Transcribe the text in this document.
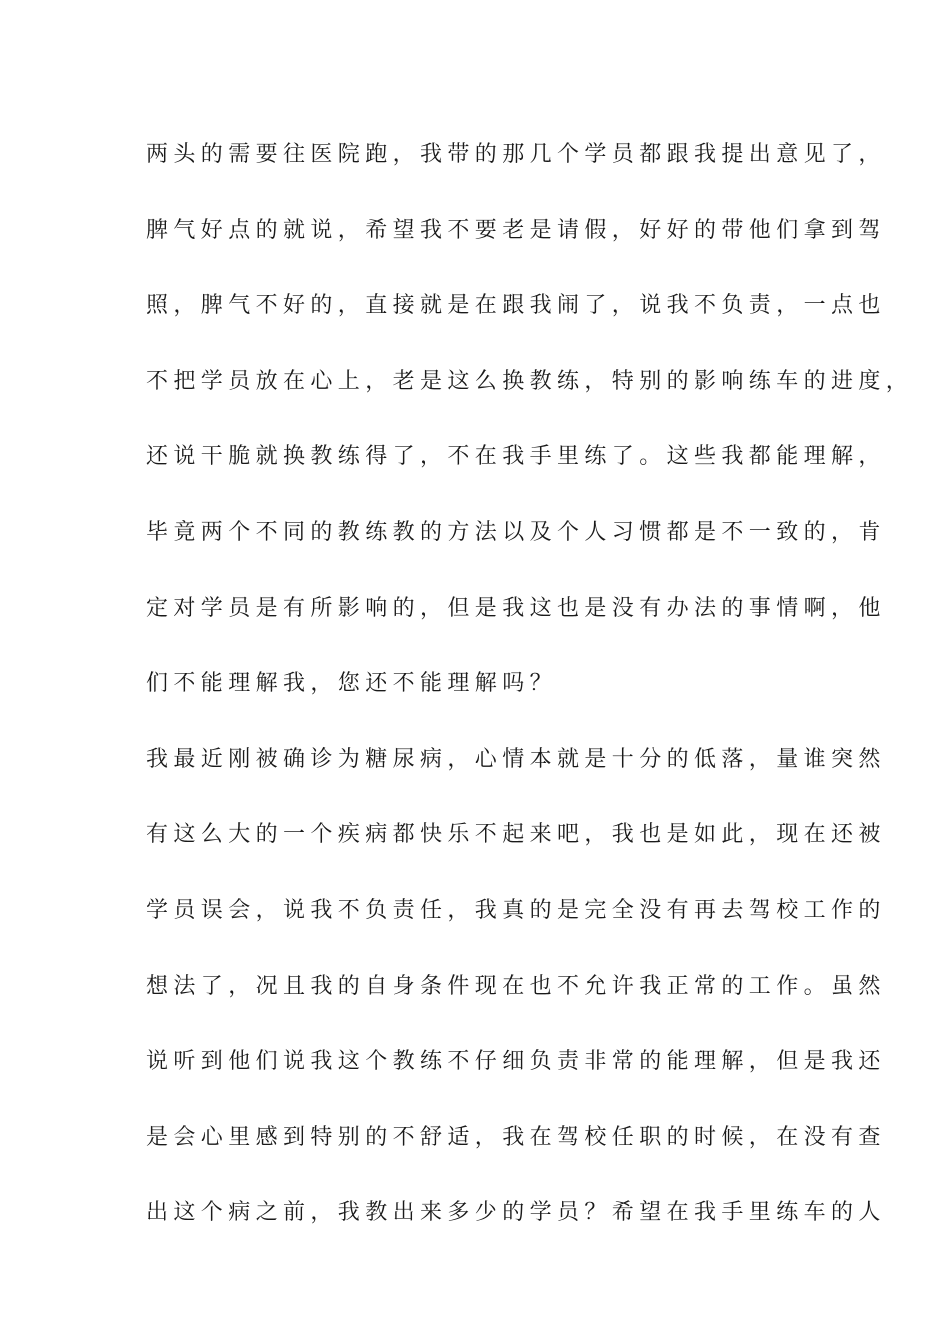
两头的需要往医院跑，我带的那几个学员都跟我提出意见了，
脾气好点的就说，希望我不要老是请假，好好的带他们拿到驾
照，脾气不好的，直接就是在跟我闹了，说我不负责，一点也
不把学员放在心上，老是这么换教练，特别的影响练车的进度，
还说干脆就换教练得了，不在我手里练了。这些我都能理解，
毕竟两个不同的教练教的方法以及个人习惯都是不一致的，肯
定对学员是有所影响的，但是我这也是没有办法的事情啊，他
们不能理解我，您还不能理解吗？
我最近刚被确诊为糖尿病，心情本就是十分的低落，量谁突然
有这么大的一个疾病都快乐不起来吧，我也是如此，现在还被
学员误会，说我不负责任，我真的是完全没有再去驾校工作的
想法了，况且我的自身条件现在也不允许我正常的工作。虽然
说听到他们说我这个教练不仔细负责非常的能理解，但是我还
是会心里感到特别的不舒适，我在驾校任职的时候，在没有查
出这个病之前，我教出来多少的学员？希望在我手里练车的人
